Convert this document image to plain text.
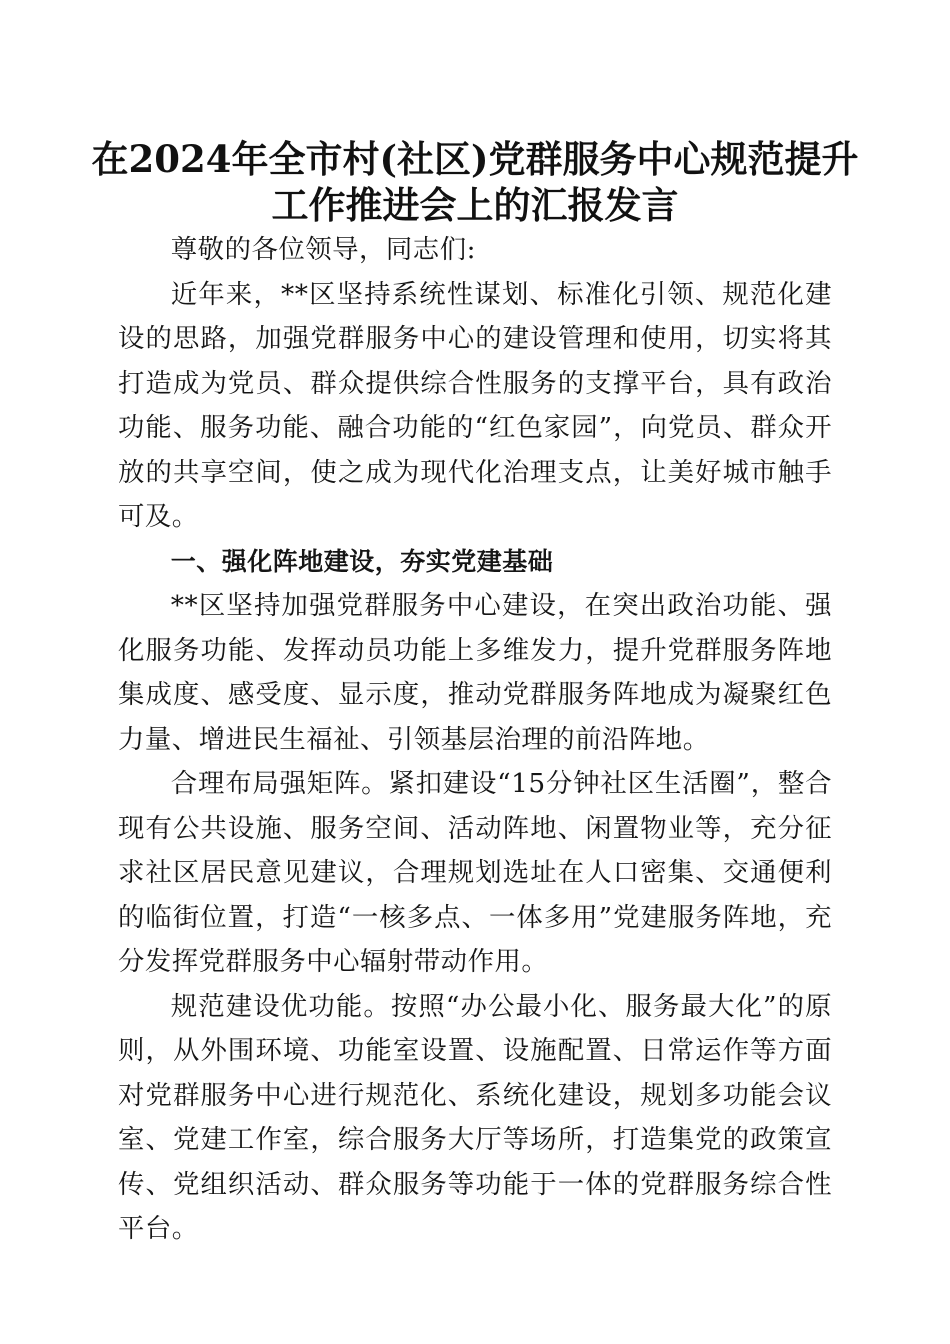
在2024年全市村(社区)党群服务中心规范提升
工作推进会上的汇报发言

尊敬的各位领导，同志们:

近年来，**区坚持系统性谋划、标准化引领、规范化建设的思路，加强党群服务中心的建设管理和使用，切实将其打造成为党员、群众提供综合性服务的支撑平台，具有政治功能、服务功能、融合功能的“红色家园”，向党员、群众开放的共享空间，使之成为现代化治理支点，让美好城市触手可及。

一、强化阵地建设，夯实党建基础

**区坚持加强党群服务中心建设，在突出政治功能、强化服务功能、发挥动员功能上多维发力，提升党群服务阵地集成度、感受度、显示度，推动党群服务阵地成为凝聚红色力量、增进民生福祉、引领基层治理的前沿阵地。

合理布局强矩阵。紧扣建设“15分钟社区生活圈”，整合现有公共设施、服务空间、活动阵地、闲置物业等，充分征求社区居民意见建议，合理规划选址在人口密集、交通便利的临街位置，打造“一核多点、一体多用”党建服务阵地，充分发挥党群服务中心辐射带动作用。

规范建设优功能。按照“办公最小化、服务最大化”的原则，从外围环境、功能室设置、设施配置、日常运作等方面对党群服务中心进行规范化、系统化建设，规划多功能会议室、党建工作室，综合服务大厅等场所，打造集党的政策宣传、党组织活动、群众服务等功能于一体的党群服务综合性平台。
